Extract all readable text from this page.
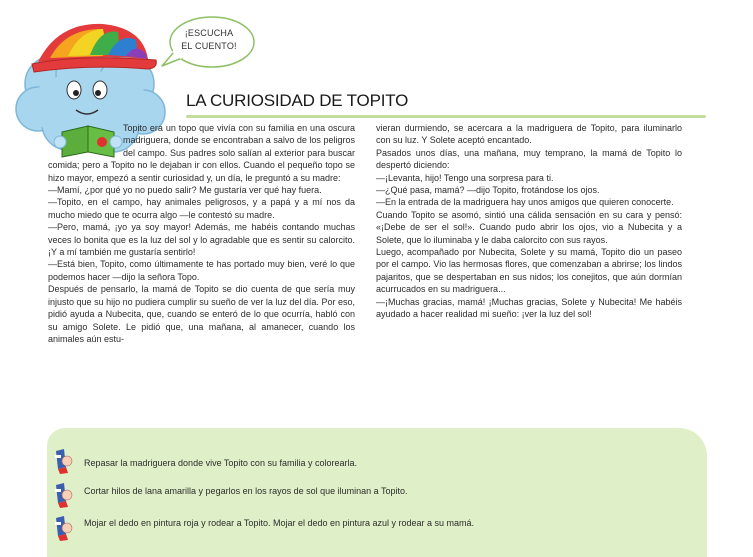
¡ESCUCHA
EL CUENTO!
LA CURIOSIDAD DE TOPITO

Topito era un topo que vivía con su familia en una oscura madriguera, donde se encontraban a salvo de los peligros del campo. Sus padres solo salían al exterior para buscar comida; pero a Topito no le dejaban ir con ellos. Cuando el pequeño topo se hizo mayor, empezó a sentir curiosidad y, un día, le preguntó a su madre:

—Mamí, ¿por qué yo no puedo salir? Me gustaría ver qué hay fuera.

—Topito, en el campo, hay animales peligrosos, y a papá y a mí nos da mucho miedo que te ocurra algo —le contestó su madre.

—Pero, mamá, ¡yo ya soy mayor! Además, me habéis contando muchas veces lo bonita que es la luz del sol y lo agradable que es sentir su calorcito. ¡Y a mí también me gustaría sentirlo!

—Está bien, Topito, como últimamente te has portado muy bien, veré lo que podemos hacer —dijo la señora Topo.

Después de pensarlo, la mamá de Topito se dio cuenta de que sería muy injusto que su hijo no pudiera cumplir su sueño de ver la luz del día. Por eso, pidió ayuda a Nubecita, que, cuando se enteró de lo que ocurría, habló con su amigo Solete. Le pidió que, una mañana, al amanecer, cuando los animales aún estu-

vieran durmiendo, se acercara a la madriguera de Topito, para iluminarlo con su luz. Y Solete aceptó encantado.

Pasados unos días, una mañana, muy temprano, la mamá de Topito lo despertó diciendo:

—¡Levanta, hijo! Tengo una sorpresa para ti.

—¿Qué pasa, mamá? —dijo Topito, frotándose los ojos.

—En la entrada de la madriguera hay unos amigos que quieren conocerte.

Cuando Topito se asomó, sintió una cálida sensación en su cara y pensó: «¡Debe de ser el sol!». Cuando pudo abrir los ojos, vio a Nubecita y a Solete, que lo iluminaba y le daba calorcito con sus rayos.

Luego, acompañado por Nubecita, Solete y su mamá, Topito dio un paseo por el campo. Vio las hermosas flores, que comenzaban a abrirse; los lindos pajaritos, que se despertaban en sus nidos; los conejitos, que aún dormían acurrucados en su madriguera...

—¡Muchas gracias, mamá! ¡Muchas gracias, Solete y Nubecita! Me habéis ayudado a hacer realidad mi sueño: ¡ver la luz del sol!

Repasar la madriguera donde vive Topito con su familia y colorearla.
Cortar hilos de lana amarilla y pegarlos en los rayos de sol que iluminan a Topito.
Mojar el dedo en pintura roja y rodear a Topito. Mojar el dedo en pintura azul y rodear a su mamá.
